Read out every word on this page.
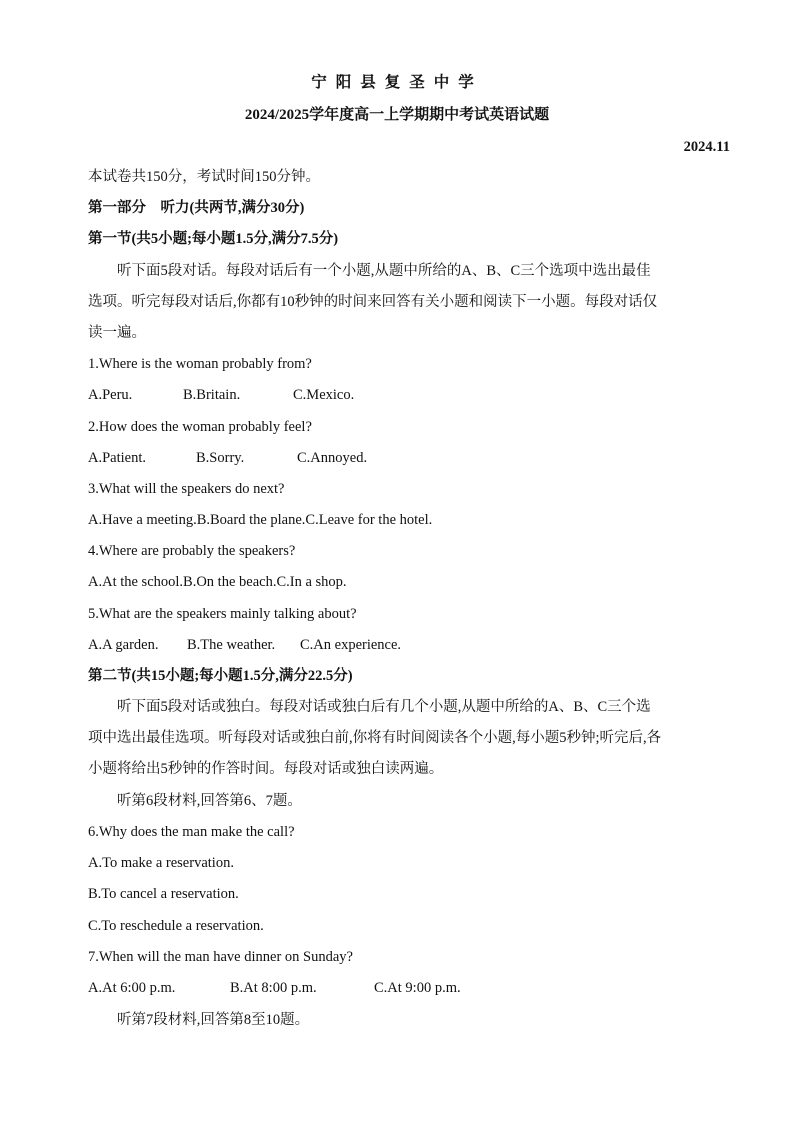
宁阳县复圣中学
2024/2025学年度高一上学期期中考试英语试题
2024.11
本试卷共150分，考试时间150分钟。
第一部分　听力(共两节,满分30分)
第一节(共5小题;每小题1.5分,满分7.5分)
听下面5段对话。每段对话后有一个小题,从题中所给的A、B、C三个选项中选出最佳
选项。听完每段对话后,你都有10秒钟的时间来回答有关小题和阅读下一小题。每段对话仅
读一遍。
1.Where is the woman probably from?
A.Peru.	B.Britain.	C.Mexico.
2.How does the woman probably feel?
A.Patient.	B.Sorry.	C.Annoyed.
3.What will the speakers do next?
A.Have a meeting.B.Board the plane.C.Leave for the hotel.
4.Where are probably the speakers?
A.At the school.B.On the beach.C.In a shop.
5.What are the speakers mainly talking about?
A.A garden. B.The weather. C.An experience.
第二节(共15小题;每小题1.5分,满分22.5分)
听下面5段对话或独白。每段对话或独白后有几个小题,从题中所给的A、B、C三个选
项中选出最佳选项。听每段对话或独白前,你将有时间阅读各个小题,每小题5秒钟;听完后,各
小题将给出5秒钟的作答时间。每段对话或独白读两遍。
听第6段材料,回答第6、7题。
6.Why does the man make the call?
A.To make a reservation.
B.To cancel a reservation.
C.To reschedule a reservation.
7.When will the man have dinner on Sunday?
A.At 6:00 p.m.	B.At 8:00 p.m.	C.At 9:00 p.m.
听第7段材料,回答第8至10题。
